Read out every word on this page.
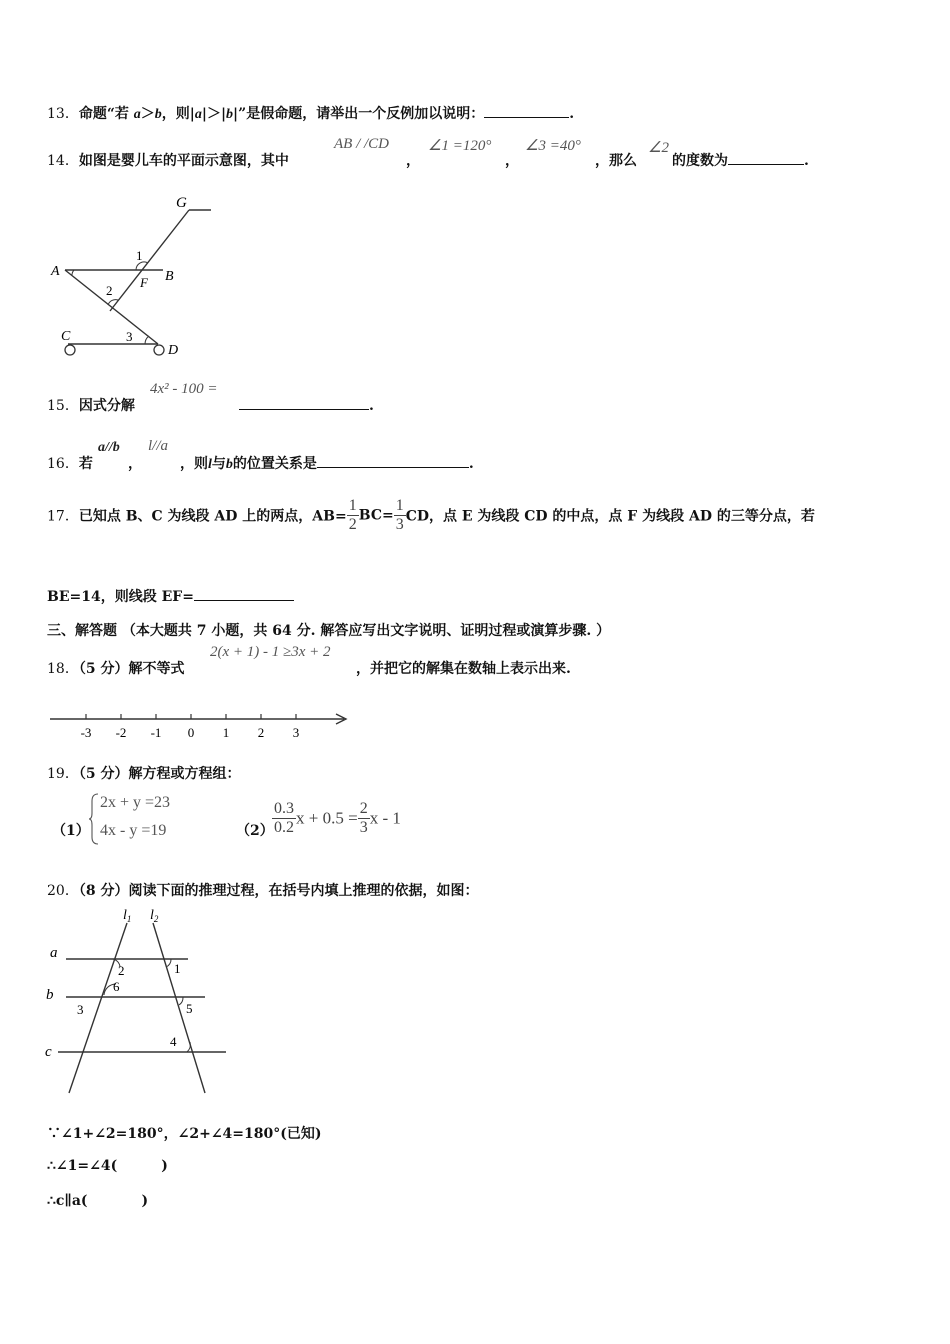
13．命题“若 a＞b，则|a|＞|b|”是假命题，请举出一个反例加以说明：	.
14．如图是婴儿车的平面示意图，其中
AB / /CD
，
∠1 =120°
，
∠3 =40°
，那么
∠2
的度数为	.
G
A	B
F
C
D
1
2
3
15．因式分解
4x² - 100 =
.
16．若
a//b
，
l//a
，则l与b的位置关系是	.
17．已知点 B、C 为线段 AD 上的两点，$AB= \frac{1}{2} BC= \frac{1}{3}$ CD，点 E 为线段 CD 的中点，点 F 为线段 AD 的三等分点，若
BE=14，则线段 EF=
三、解答题 （本大题共 7 小题，共 64 分. 解答应写出文字说明、证明过程或演算步骤. ）
18．（5 分）解不等式
2(x + 1) - 1 ≥3x + 2
，并把它的解集在数轴上表示出来.
-3 -2 -1 0 1 2 3
19．（5 分）解方程或方程组：
（1）
2x + y =23
4x - y =19	（2）
$\frac{0.3}{0.2}$ $x + 0.5 = \frac{2}{3}$ x - 1
20．（8 分）阅读下面的推理过程，在括号内填上推理的依据，如图：
$l_1$ $l_2$
a
b
c
1
2
3
4
5
6
∵∠1+∠2=180°，∠2+∠4=180°(已知)
∴∠1=∠4(	)
∴c∥a(	)
